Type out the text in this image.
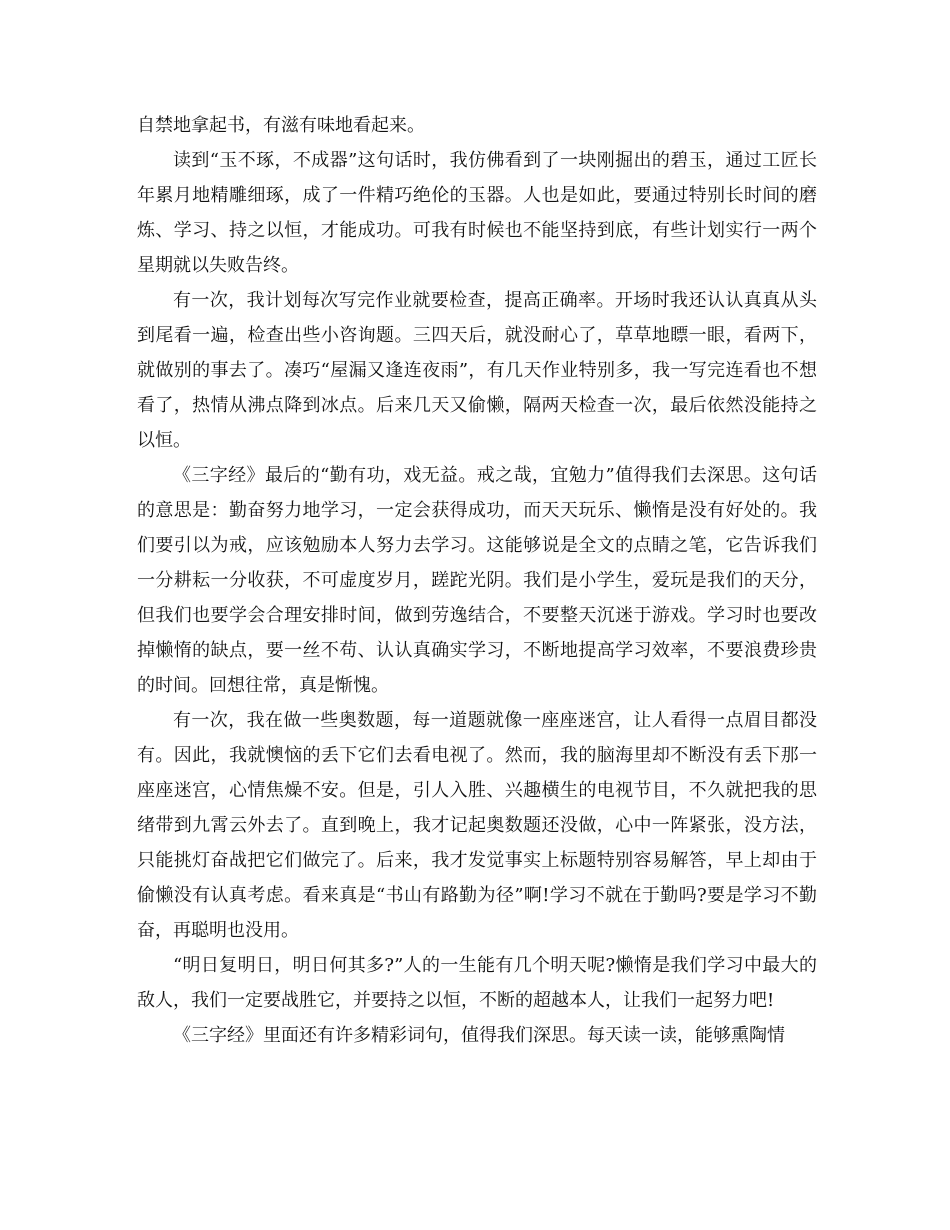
自禁地拿起书，有滋有味地看起来。

读到“玉不琢，不成器”这句话时，我仿佛看到了一块刚掘出的碧玉，通过工匠长年累月地精雕细琢，成了一件精巧绝伦的玉器。人也是如此，要通过特别长时间的磨炼、学习、持之以恒，才能成功。可我有时候也不能坚持到底，有些计划实行一两个星期就以失败告终。

有一次，我计划每次写完作业就要检查，提高正确率。开场时我还认认真真从头到尾看一遍，检查出些小咨询题。三四天后，就没耐心了，草草地瞟一眼，看两下，就做别的事去了。凑巧“屋漏又逢连夜雨”，有几天作业特别多，我一写完连看也不想看了，热情从沸点降到冰点。后来几天又偷懒，隔两天检查一次，最后依然没能持之以恒。

《三字经》最后的“勤有功，戏无益。戒之哉，宜勉力”值得我们去深思。这句话的意思是：勤奋努力地学习，一定会获得成功，而天天玩乐、懒惰是没有好处的。我们要引以为戒，应该勉励本人努力去学习。这能够说是全文的点睛之笔，它告诉我们一分耕耘一分收获，不可虚度岁月，蹉跎光阴。我们是小学生，爱玩是我们的天分，但我们也要学会合理安排时间，做到劳逸结合，不要整天沉迷于游戏。学习时也要改掉懒惰的缺点，要一丝不苟、认认真确实学习，不断地提高学习效率，不要浪费珍贵的时间。回想往常，真是惭愧。

有一次，我在做一些奥数题，每一道题就像一座座迷宫，让人看得一点眉目都没有。因此，我就懊恼的丢下它们去看电视了。然而，我的脑海里却不断没有丢下那一座座迷宫，心情焦燥不安。但是，引人入胜、兴趣横生的电视节目，不久就把我的思绪带到九霄云外去了。直到晚上，我才记起奥数题还没做，心中一阵紧张，没方法，只能挑灯奋战把它们做完了。后来，我才发觉事实上标题特别容易解答，早上却由于偷懒没有认真考虑。看来真是“书山有路勤为径”啊!学习不就在于勤吗?要是学习不勤奋，再聪明也没用。

“明日复明日，明日何其多?”人的一生能有几个明天呢?懒惰是我们学习中最大的敌人，我们一定要战胜它，并要持之以恒，不断的超越本人，让我们一起努力吧!

《三字经》里面还有许多精彩词句，值得我们深思。每天读一读，能够熏陶情
